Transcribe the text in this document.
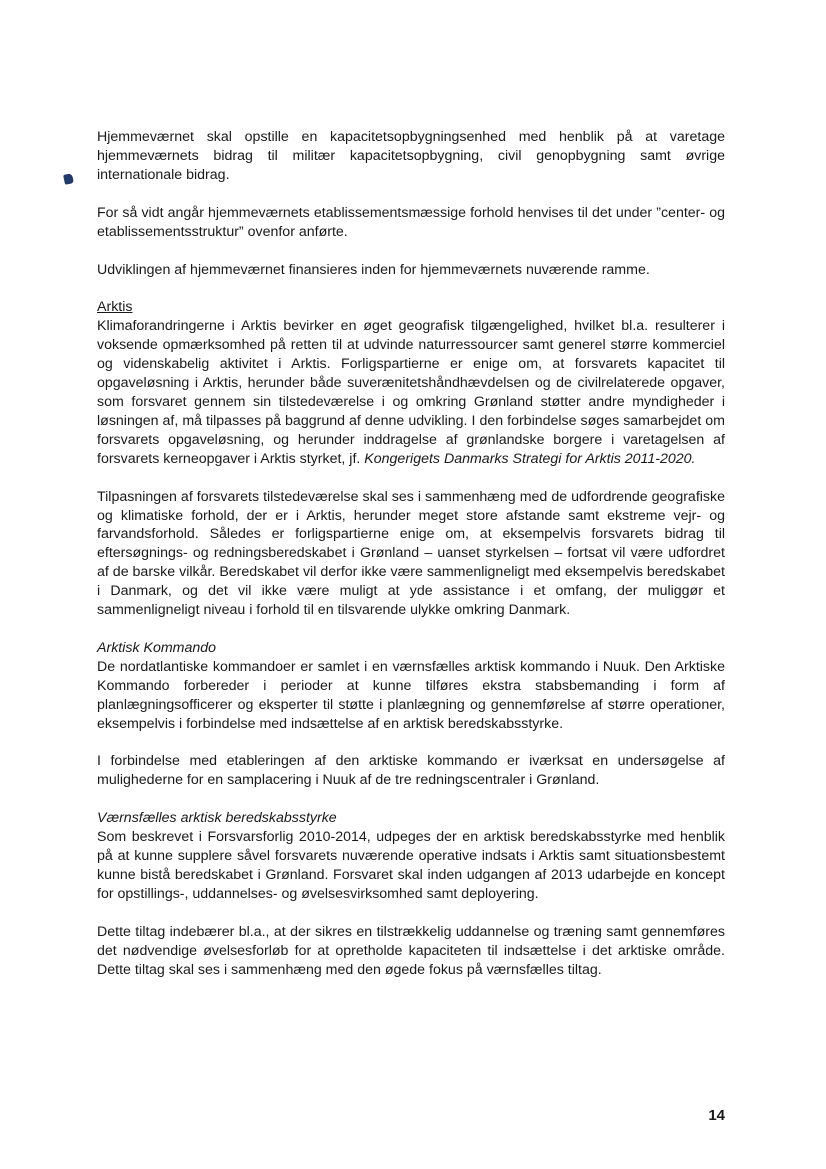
Hjemmeværnet skal opstille en kapacitetsopbygningsenhed med henblik på at varetage hjemmeværnets bidrag til militær kapacitetsopbygning, civil genopbygning samt øvrige internationale bidrag.

For så vidt angår hjemmeværnets etablissementsmæssige forhold henvises til det under ”center- og etablissementsstruktur” ovenfor anførte.

Udviklingen af hjemmeværnet finansieres inden for hjemmeværnets nuværende ramme.

Arktis

Klimaforandringerne i Arktis bevirker en øget geografisk tilgængelighed, hvilket bl.a. resulterer i voksende opmærksomhed på retten til at udvinde naturressourcer samt generel større kommerciel og videnskabelig aktivitet i Arktis. Forligspartierne er enige om, at forsvarets kapacitet til opgaveløsning i Arktis, herunder både suverænitetshåndhævdelsen og de civilrelaterede opgaver, som forsvaret gennem sin tilstedeværelse i og omkring Grønland støtter andre myndigheder i løsningen af, må tilpasses på baggrund af denne udvikling. I den forbindelse søges samarbejdet om forsvarets opgaveløsning, og herunder inddragelse af grønlandske borgere i varetagelsen af forsvarets kerneopgaver i Arktis styrket, jf. Kongerigets Danmarks Strategi for Arktis 2011-2020.

Tilpasningen af forsvarets tilstedeværelse skal ses i sammenhæng med de udfordrende geografiske og klimatiske forhold, der er i Arktis, herunder meget store afstande samt ekstreme vejr- og farvandsforhold. Således er forligspartierne enige om, at eksempelvis forsvarets bidrag til eftersøgnings- og redningsberedskabet i Grønland – uanset styrkelsen – fortsat vil være udfordret af de barske vilkår. Beredskabet vil derfor ikke være sammenligneligt med eksempelvis beredskabet i Danmark, og det vil ikke være muligt at yde assistance i et omfang, der muliggør et sammenligneligt niveau i forhold til en tilsvarende ulykke omkring Danmark.

Arktisk Kommando

De nordatlantiske kommandoer er samlet i en værnsfælles arktisk kommando i Nuuk. Den Arktiske Kommando forbereder i perioder at kunne tilføres ekstra stabsbemanding i form af planlægningsofficerer og eksperter til støtte i planlægning og gennemførelse af større operationer, eksempelvis i forbindelse med indsættelse af en arktisk beredskabsstyrke.

I forbindelse med etableringen af den arktiske kommando er iværksat en undersøgelse af mulighederne for en samplacering i Nuuk af de tre redningscentraler i Grønland.

Værnsfælles arktisk beredskabsstyrke

Som beskrevet i Forsvarsforlig 2010-2014, udpeges der en arktisk beredskabsstyrke med henblik på at kunne supplere såvel forsvarets nuværende operative indsats i Arktis samt situationsbestemt kunne bistå beredskabet i Grønland. Forsvaret skal inden udgangen af 2013 udarbejde en koncept for opstillings-, uddannelses- og øvelsesvirksomhed samt deployering.

Dette tiltag indebærer bl.a., at der sikres en tilstrækkelig uddannelse og træning samt gennemføres det nødvendige øvelsesforløb for at opretholde kapaciteten til indsættelse i det arktiske område. Dette tiltag skal ses i sammenhæng med den øgede fokus på værnsfælles tiltag.

14
